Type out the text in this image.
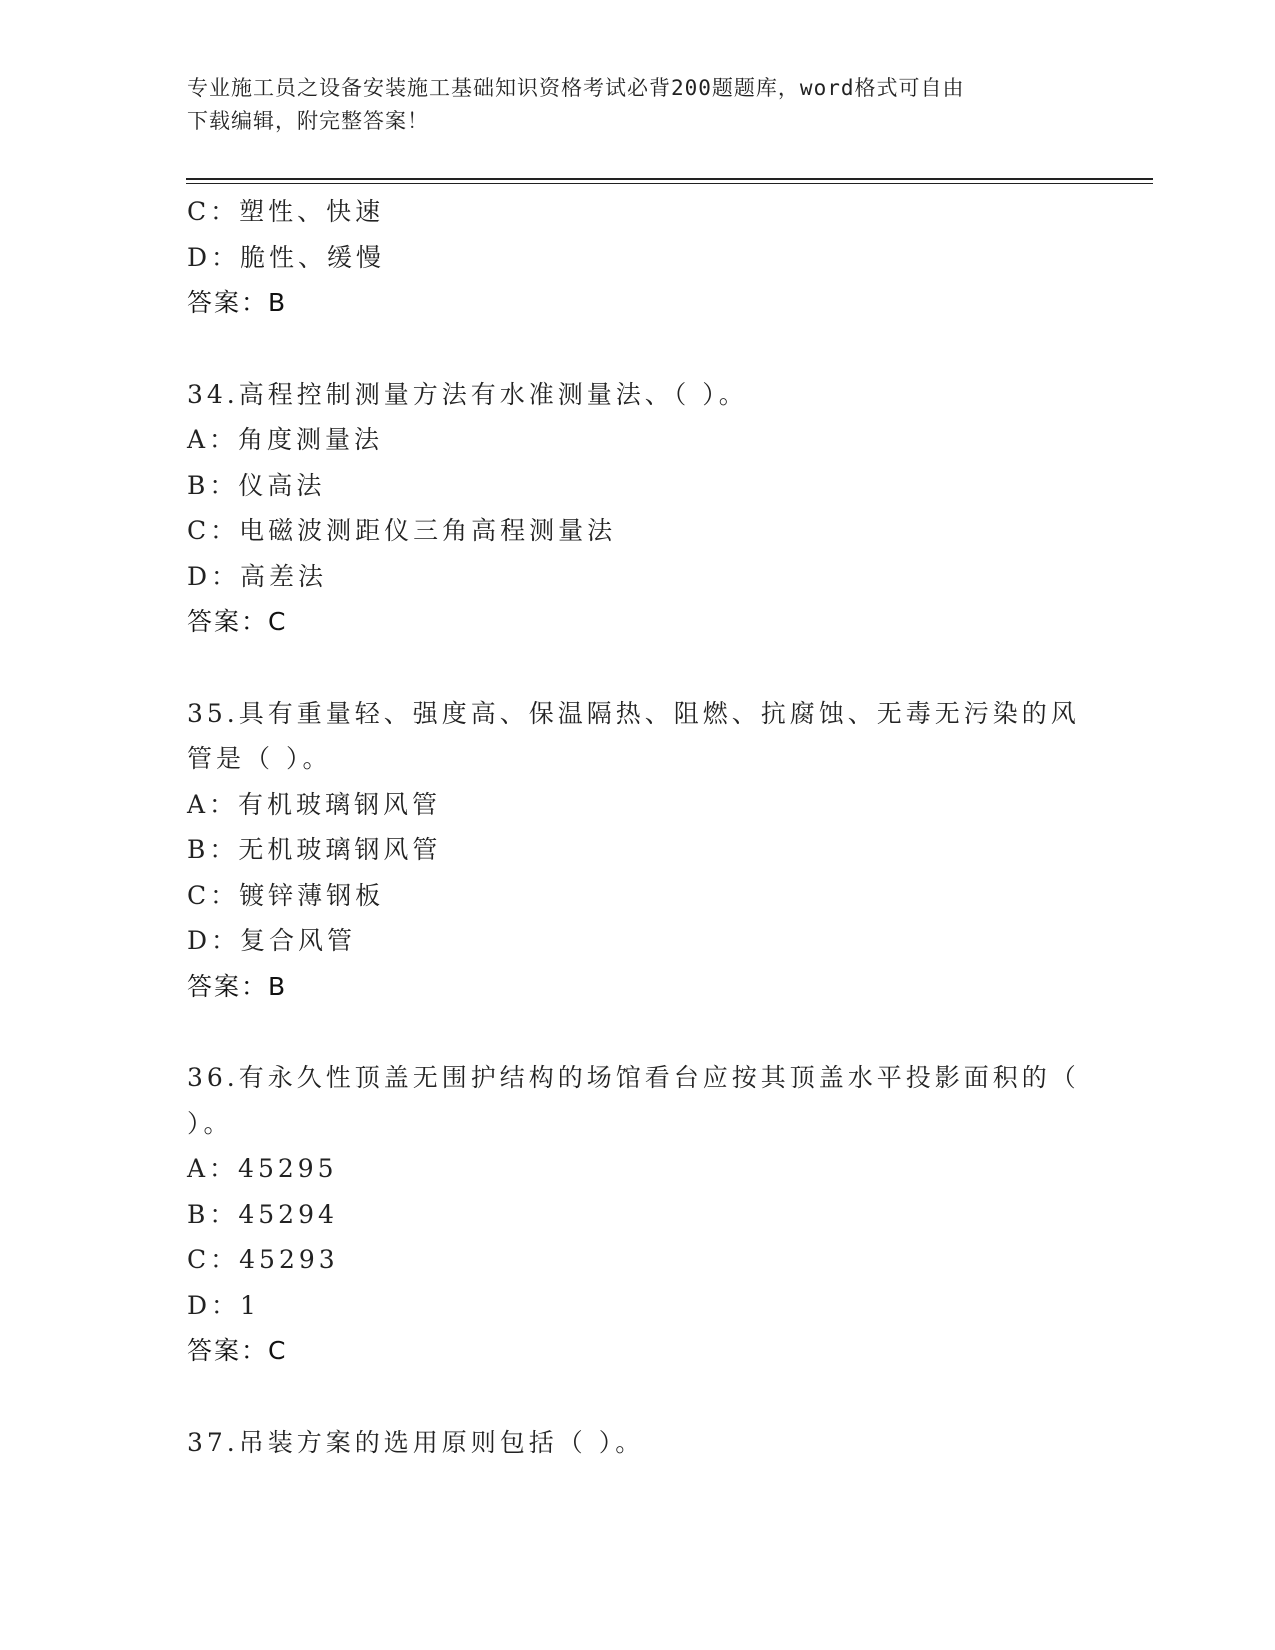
专业施工员之设备安装施工基础知识资格考试必背200题题库，word格式可自由
下载编辑，附完整答案！
C：塑性、快速
D：脆性、缓慢
答案：B
34.高程控制测量方法有水准测量法、（ ）。
A：角度测量法
B：仪高法
C：电磁波测距仪三角高程测量法
D：高差法
答案：C
35.具有重量轻、强度高、保温隔热、阻燃、抗腐蚀、无毒无污染的风
管是（ ）。
A：有机玻璃钢风管
B：无机玻璃钢风管
C：镀锌薄钢板
D：复合风管
答案：B
36.有永久性顶盖无围护结构的场馆看台应按其顶盖水平投影面积的（
）。
A：45295
B：45294
C：45293
D：1
答案：C
37.吊装方案的选用原则包括（ ）。
